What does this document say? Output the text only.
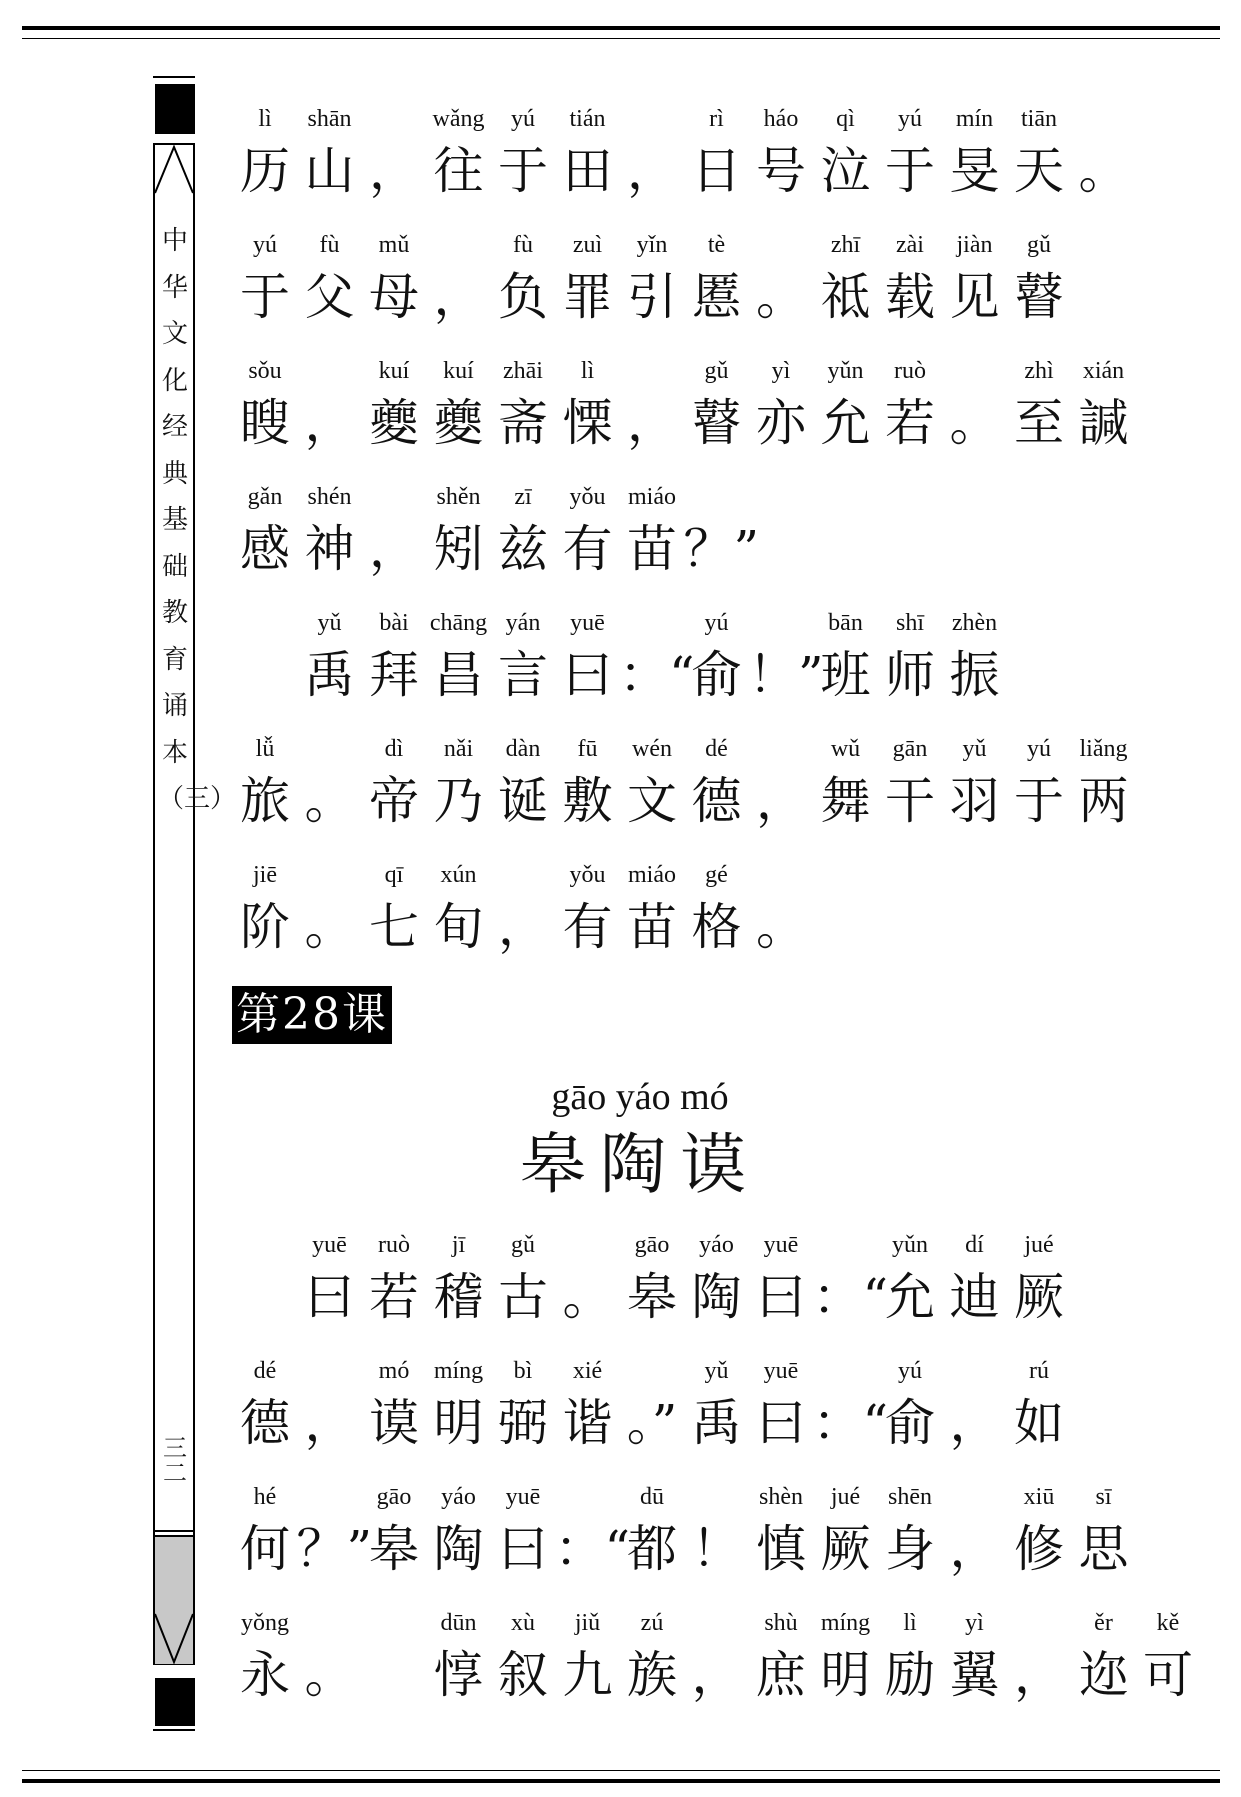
中华文化经典基础教育诵本（三）
三二
第28课
gāo yáo mó
皋陶谟
lì
历
shān
山 ，
wǎng
往
yú
于
tián
田 ，
rì
日
háo
号
qì
泣
yú
于
mín
旻
tiān
天 。
yú
于
fù
父
mǔ
母 ，
fù
负
zuì
罪
yǐn
引
tè
慝 。
zhī
祗
zài
载
jiàn
见
gǔ
瞽
sǒu
瞍 ，
kuí
夔
kuí
夔
zhāi
斋
lì
慄 ，
gǔ
瞽
yì
亦
yǔn
允
ruò
若 。
zhì
至
xián
諴
gǎn
感
shén
神 ，
shěn
矧
zī
兹
yǒu
有
miáo
苗 ？”
yǔ
禹
bài
拜
chāng
昌
yán
言
yuē
曰 ：“
yú
俞 ！”
bān
班
shī
师
zhèn
振
lǚ
旅 。
dì
帝
nǎi
乃
dàn
诞
fū
敷
wén
文
dé
德 ，
wǔ
舞
gān
干
yǔ
羽
yú
于
liǎng
两
jiē
阶 。
qī
七
xún
旬 ，
yǒu
有
miáo
苗
gé
格 。
yuē
曰
ruò
若
jī
稽
gǔ
古 。
gāo
皋
yáo
陶
yuē
曰 ：“
yǔn
允
dí
迪
jué
厥
dé
德 ，
mó
谟
míng
明
bì
弼
xié
谐 。”
yǔ
禹
yuē
曰 ：“
yú
俞 ，
rú
如
hé
何 ？”
gāo
皋
yáo
陶
yuē
曰 ：“
dū
都 ！
shèn
慎
jué
厥
shēn
身 ，
xiū
修
sī
思
yǒng
永 。
dūn
惇
xù
叙
jiǔ
九
zú
族 ，
shù
庶
míng
明
lì
励
yì
翼 ，
ěr
迩
kě
可
